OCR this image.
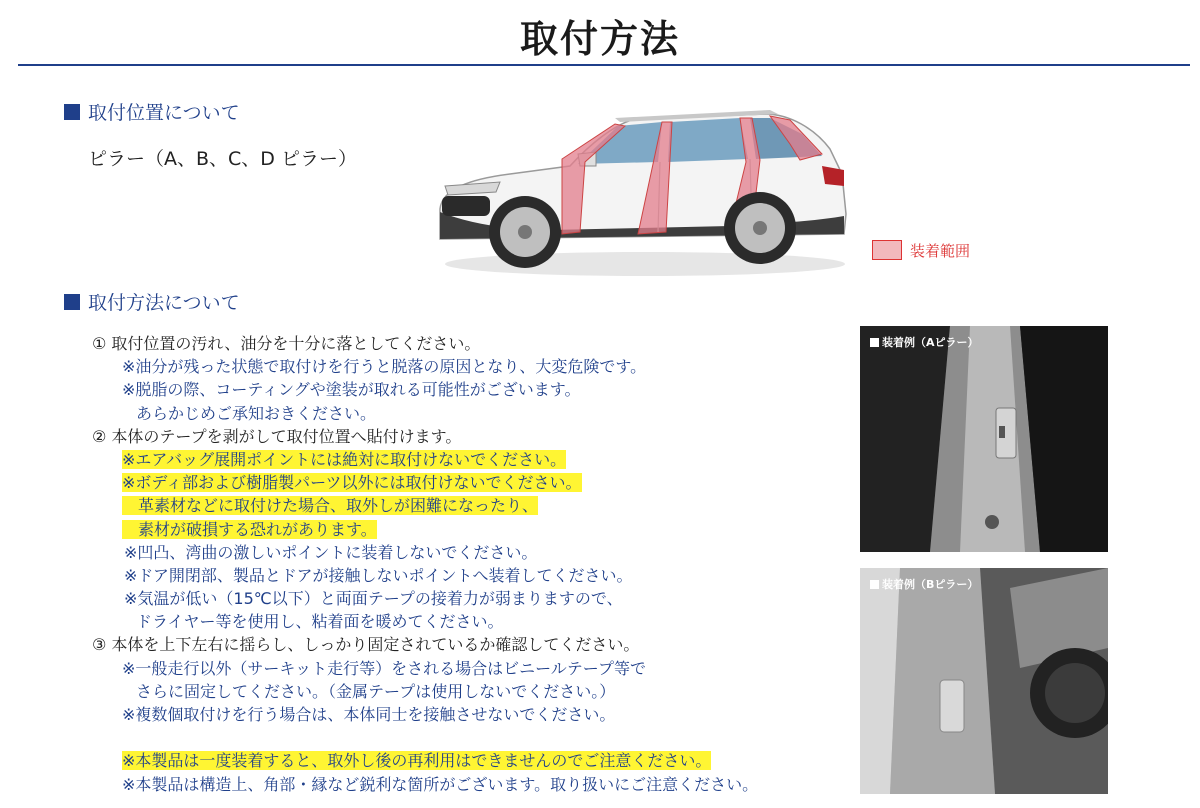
取付方法
取付位置について
ピラー（A、B、C、D ピラー）
装着範囲
取付方法について
① 取付位置の汚れ、油分を十分に落としてください。
※油分が残った状態で取付けを行うと脱落の原因となり、大変危険です。
※脱脂の際、コーティングや塗装が取れる可能性がございます。
あらかじめご承知おきください。
② 本体のテープを剥がして取付位置へ貼付けます。
※エアバッグ展開ポイントには絶対に取付けないでください。
※ボディ部および樹脂製パーツ以外には取付けないでください。
　革素材などに取付けた場合、取外しが困難になったり、
　素材が破損する恐れがあります。
※凹凸、湾曲の激しいポイントに装着しないでください。
※ドア開閉部、製品とドアが接触しないポイントへ装着してください。
※気温が低い（15℃以下）と両面テープの接着力が弱まりますので、
ドライヤー等を使用し、粘着面を暖めてください。
③ 本体を上下左右に揺らし、しっかり固定されているか確認してください。
※一般走行以外（サーキット走行等）をされる場合はビニールテープ等で
さらに固定してください。（金属テープは使用しないでください。）
※複数個取付けを行う場合は、本体同士を接触させないでください。
※本製品は一度装着すると、取外し後の再利用はできませんのでご注意ください。
※本製品は構造上、角部・縁など鋭利な箇所がございます。取り扱いにご注意ください。
装着例（Aピラー）
装着例（Bピラー）
